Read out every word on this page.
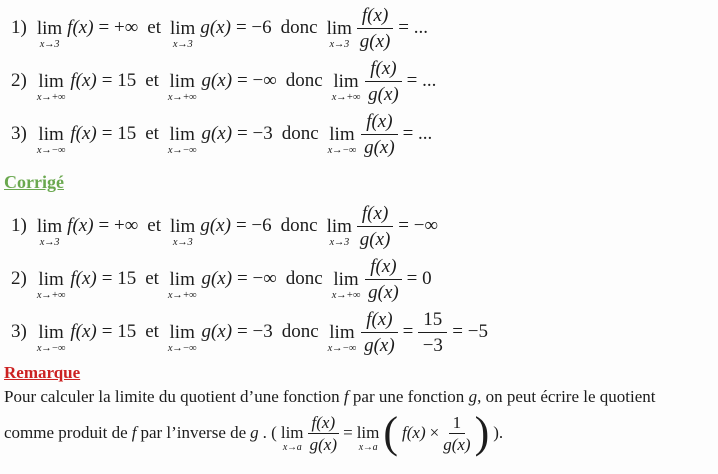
1) lim
x→3
f(x) = +∞ et lim
x→3
g(x) = −6 donc lim
$x\to 3 \frac{f(x)}{g(x)}$ = ...
2) lim
x→+∞
f(x) = 15 et lim
x→+∞
g(x) = −∞ donc lim
$x\to+\infty \frac{f(x)}{g(x)}$ = ...
3) lim
x→−∞
f(x) = 15 et lim
x→−∞
g(x) = −3 donc lim
$x\to-\infty \frac{f(x)}{g(x)}$ = ...
Corrigé
1) lim
x→3
f(x) = +∞ et lim
x→3
g(x) = −6 donc lim
$x\to 3 \frac{f(x)}{g(x)}$ = −∞
2) lim
x→+∞
f(x) = 15 et lim
x→+∞
g(x) = −∞ donc lim
$x\to+\infty \frac{f(x)}{g(x)} = 0$
3) lim
x→−∞
f(x) = 15 et lim
x→−∞
g(x) = −3 donc lim
$x\to-\infty \frac{f(x)}{g(x)} = \frac{15}{-3} = -5$
Remarque
Pour calculer la limite du quotient d’une fonction f par une fonction g, on peut écrire le quotient
comme produit de f par l’inverse de g . ( lim
$x\to a \frac{f(x)}{g(x)} = \lim$
x→a ( $f(x) \times \frac{1}{g(x)}$ ) ).
